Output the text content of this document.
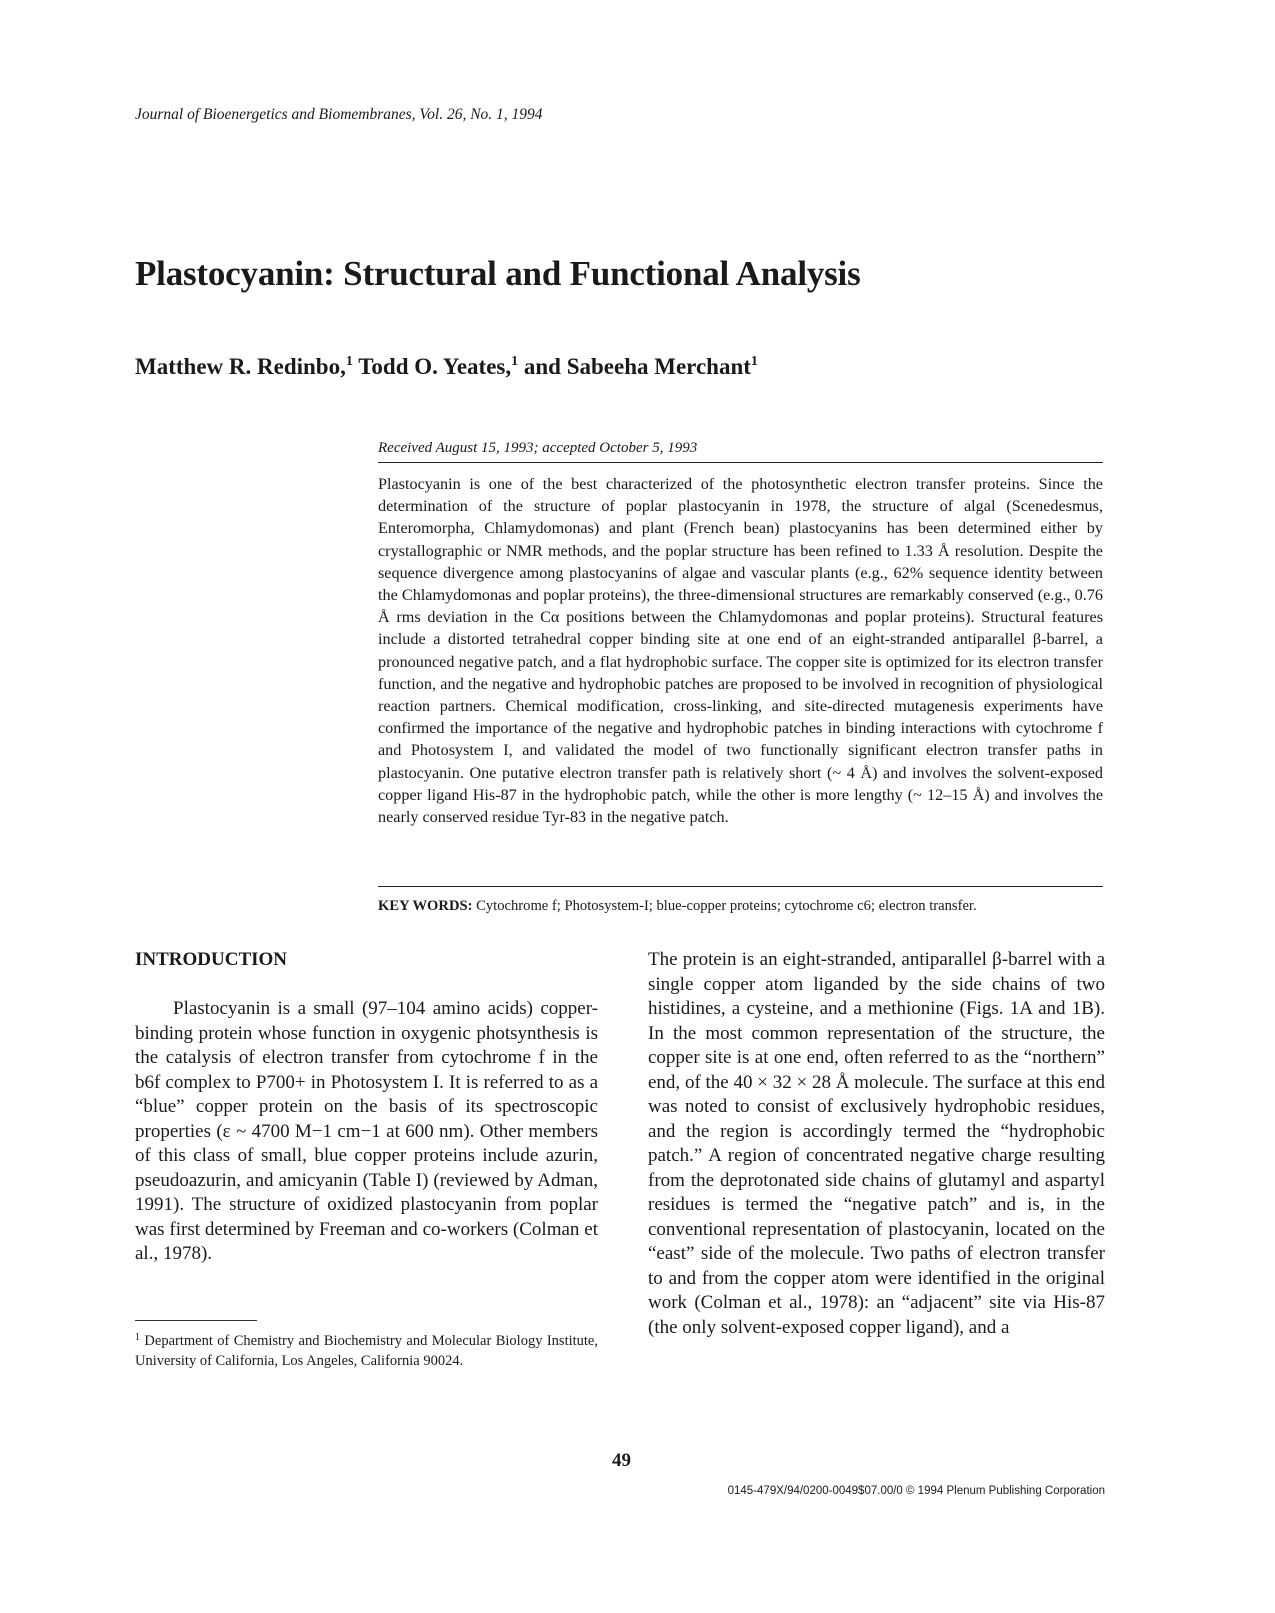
Journal of Bioenergetics and Biomembranes, Vol. 26, No. 1, 1994
Plastocyanin: Structural and Functional Analysis
Matthew R. Redinbo,$^1$ Todd O. Yeates,$^1$ and Sabeeha Merchant$^1$
Received August 15, 1993; accepted October 5, 1993
Plastocyanin is one of the best characterized of the photosynthetic electron transfer proteins. Since the determination of the structure of poplar plastocyanin in 1978, the structure of algal (Scenedesmus, Enteromorpha, Chlamydomonas) and plant (French bean) plastocyanins has been determined either by crystallographic or NMR methods, and the poplar structure has been refined to 1.33 Å resolution. Despite the sequence divergence among plastocyanins of algae and vascular plants (e.g., 62% sequence identity between the Chlamydomonas and poplar proteins), the three-dimensional structures are remarkably conserved (e.g., 0.76 Å rms deviation in the Cα positions between the Chlamydomonas and poplar proteins). Structural features include a distorted tetrahedral copper binding site at one end of an eight-stranded antiparallel β-barrel, a pronounced negative patch, and a flat hydrophobic surface. The copper site is optimized for its electron transfer function, and the negative and hydrophobic patches are proposed to be involved in recognition of physiological reaction partners. Chemical modification, cross-linking, and site-directed mutagenesis experiments have confirmed the importance of the negative and hydrophobic patches in binding interactions with cytochrome f and Photosystem I, and validated the model of two functionally significant electron transfer paths in plastocyanin. One putative electron transfer path is relatively short (~ 4 Å) and involves the solvent-exposed copper ligand His-87 in the hydrophobic patch, while the other is more lengthy (~ 12–15 Å) and involves the nearly conserved residue Tyr-83 in the negative patch.
KEY WORDS: Cytochrome f; Photosystem-I; blue-copper proteins; cytochrome c6; electron transfer.
INTRODUCTION
Plastocyanin is a small (97–104 amino acids) copper-binding protein whose function in oxygenic photsynthesis is the catalysis of electron transfer from cytochrome f in the b6f complex to P700+ in Photosystem I. It is referred to as a “blue” copper protein on the basis of its spectroscopic properties (ε ~ 4700 M−1 cm−1 at 600 nm). Other members of this class of small, blue copper proteins include azurin, pseudoazurin, and amicyanin (Table I) (reviewed by Adman, 1991). The structure of oxidized plastocyanin from poplar was first determined by Freeman and co-workers (Colman et al., 1978).
The protein is an eight-stranded, antiparallel β-barrel with a single copper atom liganded by the side chains of two histidines, a cysteine, and a methionine (Figs. 1A and 1B). In the most common representation of the structure, the copper site is at one end, often referred to as the “northern” end, of the 40 × 32 × 28 Å molecule. The surface at this end was noted to consist of exclusively hydrophobic residues, and the region is accordingly termed the “hydrophobic patch.” A region of concentrated negative charge resulting from the deprotonated side chains of glutamyl and aspartyl residues is termed the “negative patch” and is, in the conventional representation of plastocyanin, located on the “east” side of the molecule. Two paths of electron transfer to and from the copper atom were identified in the original work (Colman et al., 1978): an “adjacent” site via His-87 (the only solvent-exposed copper ligand), and a
$^1$ Department of Chemistry and Biochemistry and Molecular Biology Institute, University of California, Los Angeles, California 90024.
49
0145-479X/94/0200-0049$07.00/0 © 1994 Plenum Publishing Corporation
